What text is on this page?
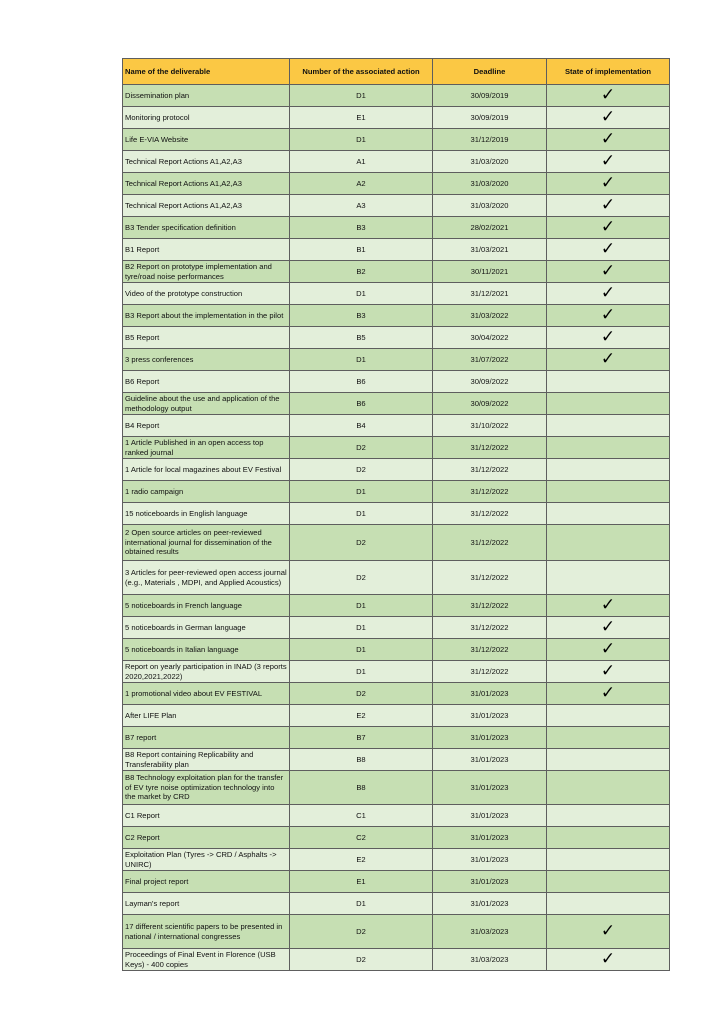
Name of the deliverable	Number of the associated action	Deadline	State of implementation
Dissemination plan	D1	30/09/2019	✓
Monitoring protocol	E1	30/09/2019	✓
Life E-VIA Website	D1	31/12/2019	✓
Technical Report Actions A1,A2,A3	A1	31/03/2020	✓
Technical Report Actions A1,A2,A3	A2	31/03/2020	✓
Technical Report Actions A1,A2,A3	A3	31/03/2020	✓
B3 Tender specification definition	B3	28/02/2021	✓
B1 Report	B1	31/03/2021	✓
B2 Report on prototype implementation and tyre/road noise performances	B2	30/11/2021	✓
Video of the prototype construction	D1	31/12/2021	✓
B3 Report about the implementation in the pilot	B3	31/03/2022	✓
B5 Report	B5	30/04/2022	✓
3 press conferences	D1	31/07/2022	✓
B6 Report	B6	30/09/2022	
Guideline about the use and application of the methodology output	B6	30/09/2022	
B4 Report	B4	31/10/2022	
1 Article Published in an open access top ranked journal	D2	31/12/2022	
1 Article for local magazines about EV Festival	D2	31/12/2022	
1 radio campaign	D1	31/12/2022	
15 noticeboards in English language	D1	31/12/2022	
2 Open source articles on peer-reviewed international journal for dissemination of the obtained results	D2	31/12/2022	
3 Articles for peer-reviewed open access journal (e.g., Materials , MDPI, and Applied Acoustics)	D2	31/12/2022	
5 noticeboards in French language	D1	31/12/2022	✓
5 noticeboards in German language	D1	31/12/2022	✓
5 noticeboards in Italian language	D1	31/12/2022	✓
Report on yearly participation in INAD (3 reports 2020,2021,2022)	D1	31/12/2022	✓
1 promotional video about EV FESTIVAL	D2	31/01/2023	✓
After LIFE Plan	E2	31/01/2023	
B7 report	B7	31/01/2023	
B8 Report containing Replicability and Transferability plan	B8	31/01/2023	
B8 Technology exploitation plan for the transfer of EV tyre noise optimization technology into the market by CRD	B8	31/01/2023	
C1 Report	C1	31/01/2023	
C2 Report	C2	31/01/2023	
Exploitation Plan (Tyres -> CRD / Asphalts -> UNIRC)	E2	31/01/2023	
Final project report	E1	31/01/2023	
Layman's report	D1	31/01/2023	
17 different scientific papers to be presented in national / international congresses	D2	31/03/2023	✓
Proceedings of Final Event in Florence (USB Keys) - 400 copies	D2	31/03/2023	✓
